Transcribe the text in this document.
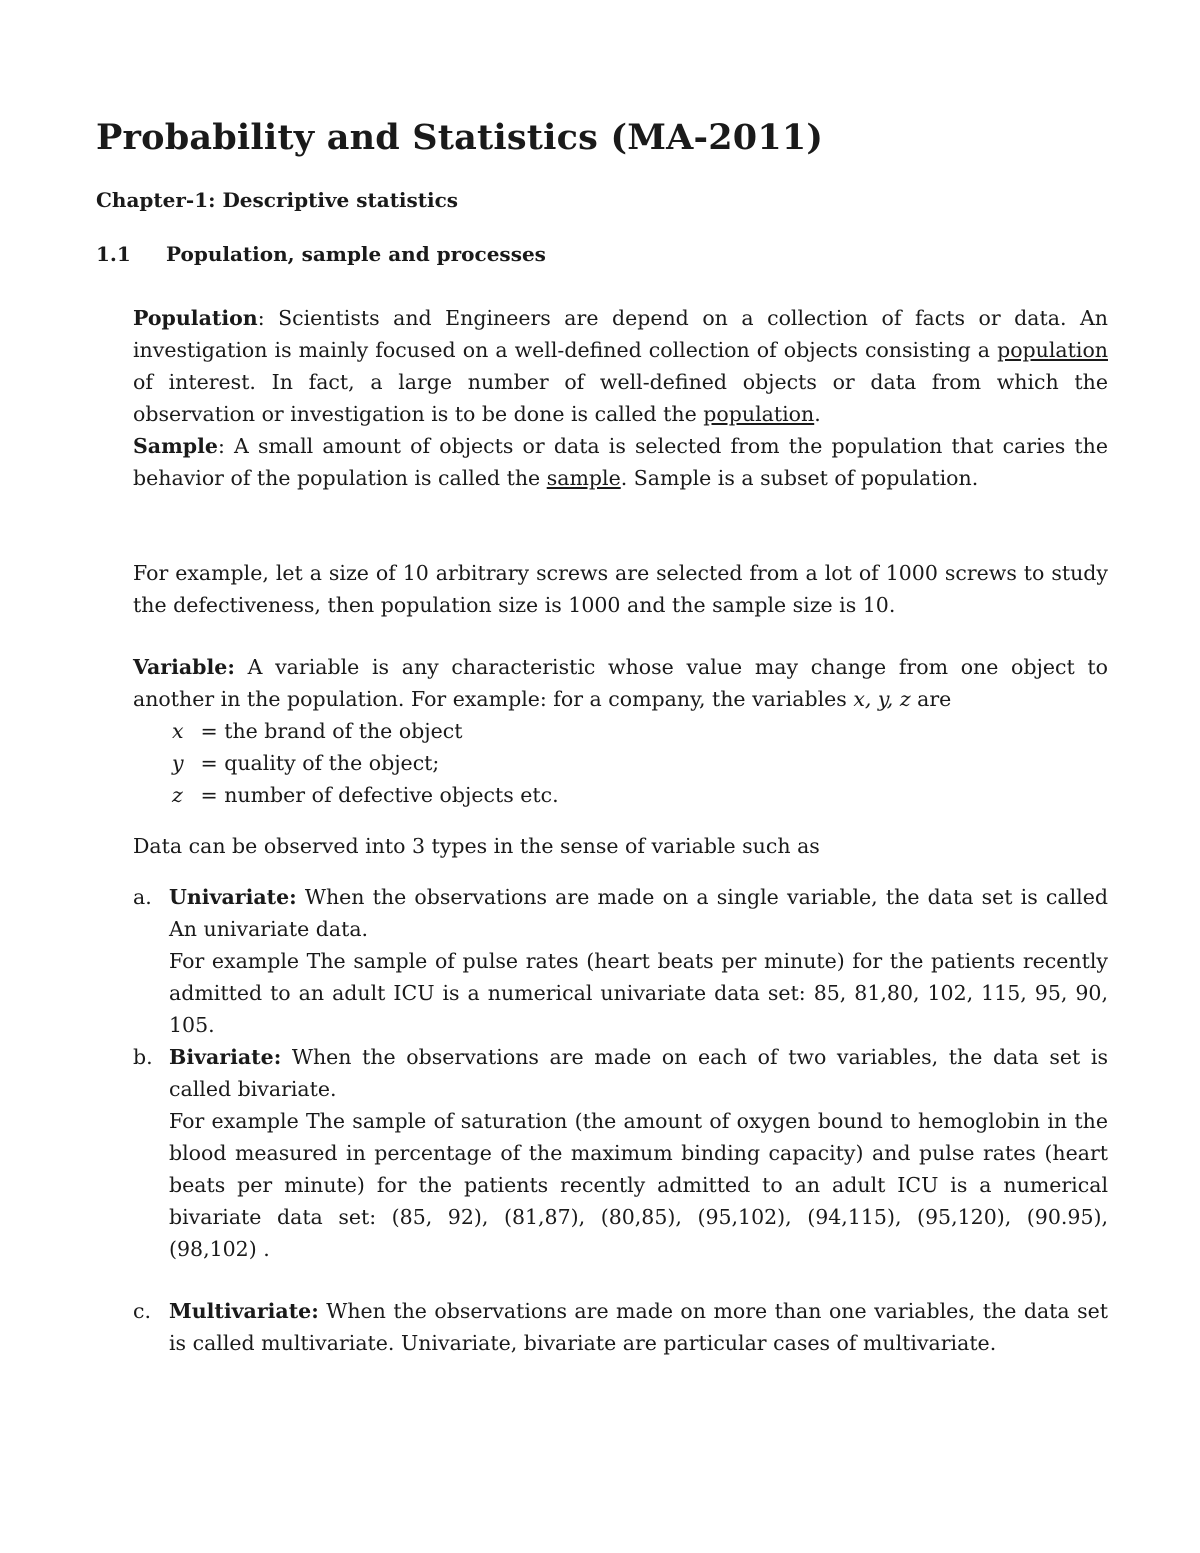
Probability and Statistics (MA-2011)
Chapter-1: Descriptive statistics
1.1 Population, sample and processes
Population: Scientists and Engineers are depend on a collection of facts or data. An investigation is mainly focused on a well-defined collection of objects consisting a population of interest. In fact, a large number of well-defined objects or data from which the observation or investigation is to be done is called the population.
Sample: A small amount of objects or data is selected from the population that caries the behavior of the population is called the sample. Sample is a subset of population.
For example, let a size of 10 arbitrary screws are selected from a lot of 1000 screws to study the defectiveness, then population size is 1000 and the sample size is 10.
Variable: A variable is any characteristic whose value may change from one object to another in the population. For example: for a company, the variables x, y, z are
x = the brand of the object
y = quality of the object;
z = number of defective objects etc.
Data can be observed into 3 types in the sense of variable such as
a. Univariate: When the observations are made on a single variable, the data set is called An univariate data.

For example The sample of pulse rates (heart beats per minute) for the patients recently admitted to an adult ICU is a numerical univariate data set: 85, 81,80, 102, 115, 95, 90, 105.

b. Bivariate: When the observations are made on each of two variables, the data set is called bivariate.

For example The sample of saturation (the amount of oxygen bound to hemoglobin in the blood measured in percentage of the maximum binding capacity) and pulse rates (heart beats per minute) for the patients recently admitted to an adult ICU is a numerical bivariate data set: (85, 92), (81,87), (80,85), (95,102), (94,115), (95,120), (90.95), (98,102) .

c. Multivariate: When the observations are made on more than one variables, the data set is called multivariate. Univariate, bivariate are particular cases of multivariate.
